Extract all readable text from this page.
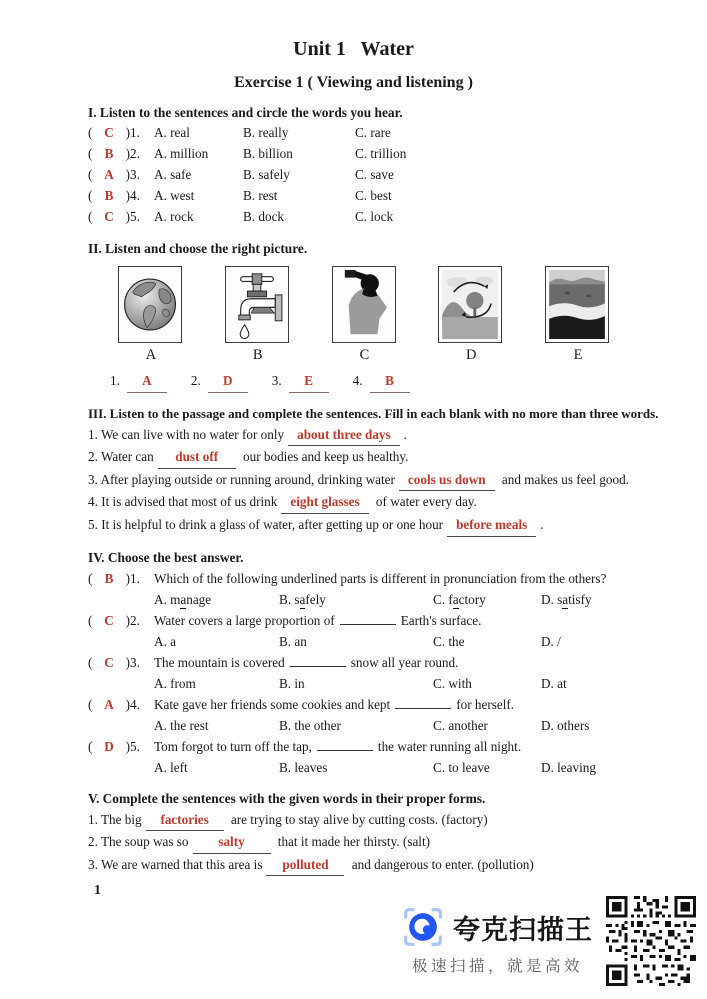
Unit 1   Water
Exercise 1 ( Viewing and listening )
I. Listen to the sentences and circle the words you hear.
( C ) 1.	A. real	B. really	C. rare
( B ) 2.	A. million	B. billion	C. trillion
( A ) 3.	A. safe	B. safely	C. save
( B ) 4.	A. west	B. rest	C. best
( C ) 5.	A. rock	B. dock	C. lock
II. Listen and choose the right picture.
A	B	C	D	E
1.	A	2.	D	3.	E	4.	B
III. Listen to the passage and complete the sentences. Fill in each blank with no more than three words.
1. We can live with no water for only about three days .
2. Water can dust off our bodies and keep us healthy.
3. After playing outside or running around, drinking water cools us down and makes us feel good.
4. It is advised that most of us drink eight glasses of water every day.
5. It is helpful to drink a glass of water, after getting up or one hour before meals .
IV. Choose the best answer.
( B ) 1.	Which of the following underlined parts is different in pronunciation from the others?
A. manage	B. safely	C. factory	D. satisfy
( C ) 2.	Water covers a large proportion of	Earth's surface.
A. a	B. an	C. the	D. /
( C ) 3.	The mountain is covered	snow all year round.
A. from	B. in	C. with	D. at
( A ) 4.	Kate gave her friends some cookies and kept	for herself.
A. the rest	B. the other	C. another	D. others
( D ) 5.	Tom forgot to turn off the tap,	the water running all night.
A. left	B. leaves	C. to leave	D. leaving
V. Complete the sentences with the given words in their proper forms.
1. The big factories are trying to stay alive by cutting costs. (factory)
2. The soup was so salty	that it made her thirsty. (salt)
3. We are warned that this area is polluted and dangerous to enter. (pollution)
1
夸克扫描王
极速扫描，就是高效
